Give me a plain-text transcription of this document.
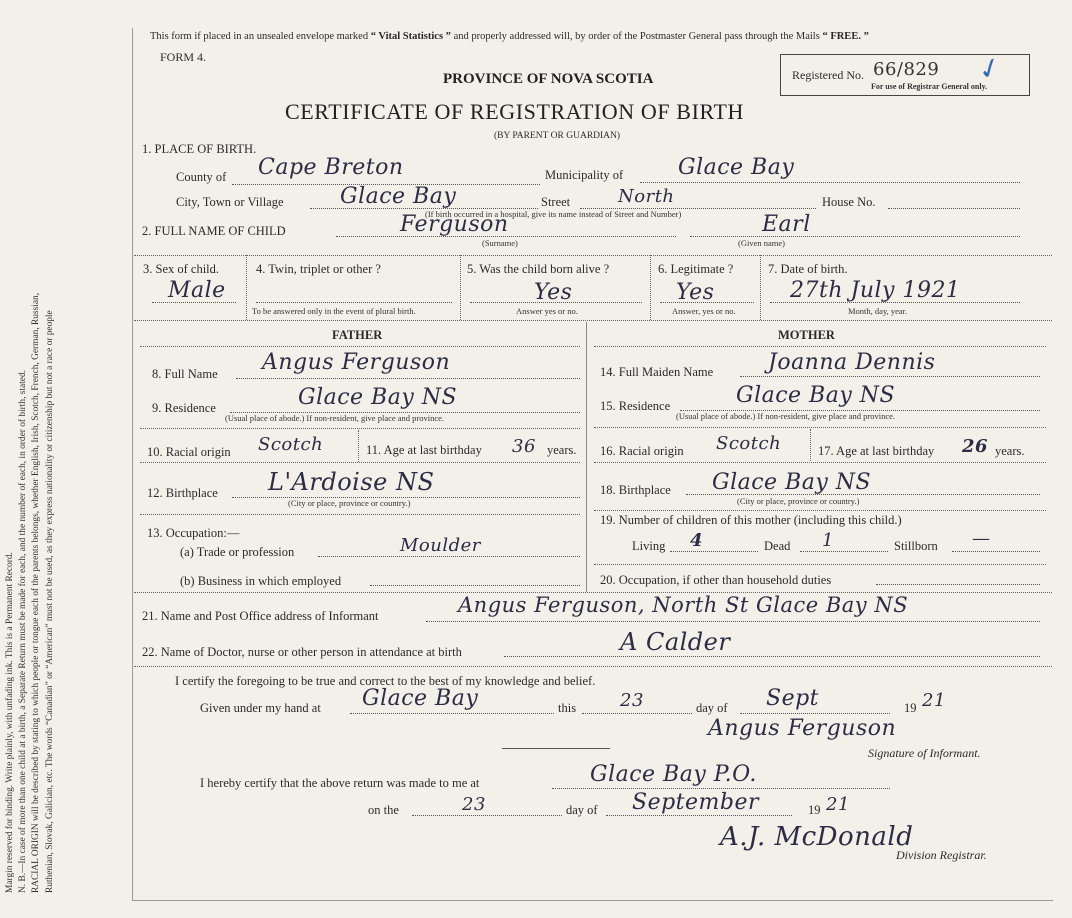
Margin reserved for binding. Write plainly, with unfading ink. This is a Permanent Record. N. B.—In case of more than one child at a birth, a Separate Return must be made for each, and the number of each, in order of birth, stated. RACIAL ORIGIN will be described by stating to which people or tongue each of the parents belongs, whether English, Irish, Scotch, French, German, Russian, Ruthenian, Slovak, Galician, etc. The words “Canadian” or “American” must not be used, as they express nationality or citizenship but not a race or people
This form if placed in an unsealed envelope marked “ Vital Statistics ” and properly addressed will, by order of the Postmaster General pass through the Mails “ FREE. ”
FORM 4.
PROVINCE OF NOVA SCOTIA
CERTIFICATE OF REGISTRATION OF BIRTH
(BY PARENT OR GUARDIAN)
Registered No. 66/829
For use of Registrar General only.
✓
1. PLACE OF BIRTH.
County of Cape Breton	Municipality of Glace Bay
City, Town or Village	Glace Bay	Street	North	House No.
(If birth occurred in a hospital, give its name instead of Street and Number)
2. FULL NAME OF CHILD	Ferguson
(Surname)
Earl
(Given name)
3. Sex of child.
Male
4. Twin, triplet or other ?
To be answered only in the event of plural birth.
5. Was the child born alive ?
Yes
Answer yes or no.
6. Legitimate ?
Yes
Answer, yes or no.
7. Date of birth.
27th July 1921
Month, day, year.
FATHER	MOTHER
8. Full Name Angus Ferguson
9. Residence	Glace Bay NS
(Usual place of abode.) If non-resident, give place and province.
10. Racial origin Scotch	11. Age at last birthday 36 years.
12. Birthplace L'Ardoise NS
(City or place, province or country.)
13. Occupation:—
(a) Trade or profession	Moulder
(b) Business in which employed
14. Full Maiden Name Joanna Dennis
15. Residence	Glace Bay NS
(Usual place of abode.) If non-resident, give place and province.
16. Racial origin Scotch	17. Age at last birthday 26 years.
18. Birthplace Glace Bay NS
(City or place, province or country.)
19. Number of children of this mother (including this child.)
Living 4	Dead 1	Stillborn —
20. Occupation, if other than household duties
21. Name and Post Office address of Informant	Angus Ferguson, North St Glace Bay NS
22. Name of Doctor, nurse or other person in attendance at birth	A Calder
I certify the foregoing to be true and correct to the best of my knowledge and belief.
Given under my hand at Glace Bay	this 23	day of Sept	19 21
Angus Ferguson
Signature of Informant.
I hereby certify that the above return was made to me at	Glace Bay P.O.
on the	23	day of September	19 21
A.J. McDonald
Division Registrar.
